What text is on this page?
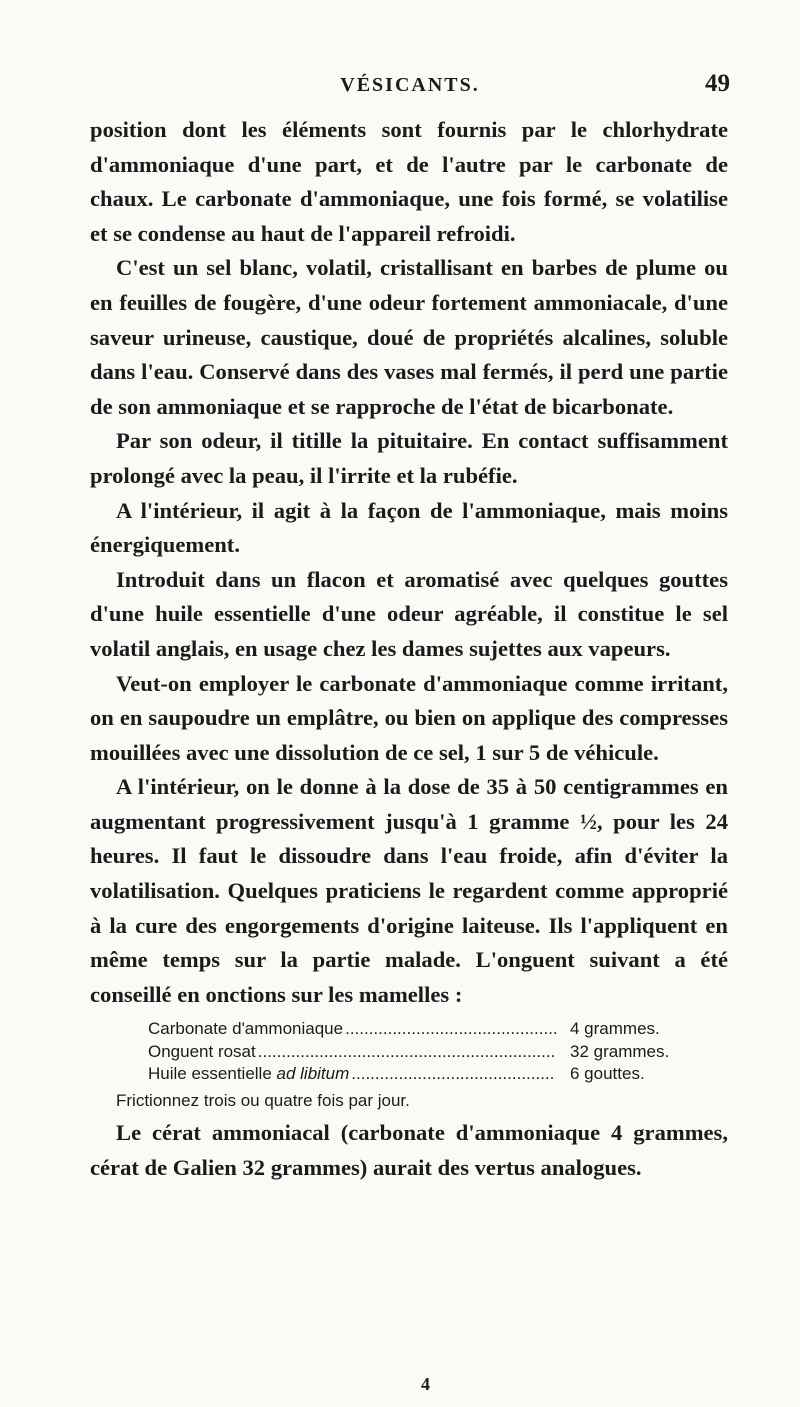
VÉSICANTS.	49

position dont les éléments sont fournis par le chlorhydrate d'ammoniaque d'une part, et de l'autre par le carbonate de chaux. Le carbonate d'ammoniaque, une fois formé, se volatilise et se condense au haut de l'appareil refroidi.

C'est un sel blanc, volatil, cristallisant en barbes de plume ou en feuilles de fougère, d'une odeur fortement ammoniacale, d'une saveur urineuse, caustique, doué de propriétés alcalines, soluble dans l'eau. Conservé dans des vases mal fermés, il perd une partie de son ammoniaque et se rapproche de l'état de bicarbonate.

Par son odeur, il titille la pituitaire. En contact suffisamment prolongé avec la peau, il l'irrite et la rubéfie.

A l'intérieur, il agit à la façon de l'ammoniaque, mais moins énergiquement.

Introduit dans un flacon et aromatisé avec quelques gouttes d'une huile essentielle d'une odeur agréable, il constitue le sel volatil anglais, en usage chez les dames sujettes aux vapeurs.

Veut-on employer le carbonate d'ammoniaque comme irritant, on en saupoudre un emplâtre, ou bien on applique des compresses mouillées avec une dissolution de ce sel, 1 sur 5 de véhicule.

A l'intérieur, on le donne à la dose de 35 à 50 centigrammes en augmentant progressivement jusqu'à 1 gramme ½, pour les 24 heures. Il faut le dissoudre dans l'eau froide, afin d'éviter la volatilisation. Quelques praticiens le regardent comme approprié à la cure des engorgements d'origine laiteuse. Ils l'appliquent en même temps sur la partie malade. L'onguent suivant a été conseillé en onctions sur les mamelles :

Carbonate d'ammoniaque .....	4 grammes.
Onguent rosat .....	32 grammes.
Huile essentielle ad libitum .....	6 gouttes.
Frictionnez trois ou quatre fois par jour.

Le cérat ammoniacal (carbonate d'ammoniaque 4 grammes, cérat de Galien 32 grammes) aurait des vertus analogues.

4
